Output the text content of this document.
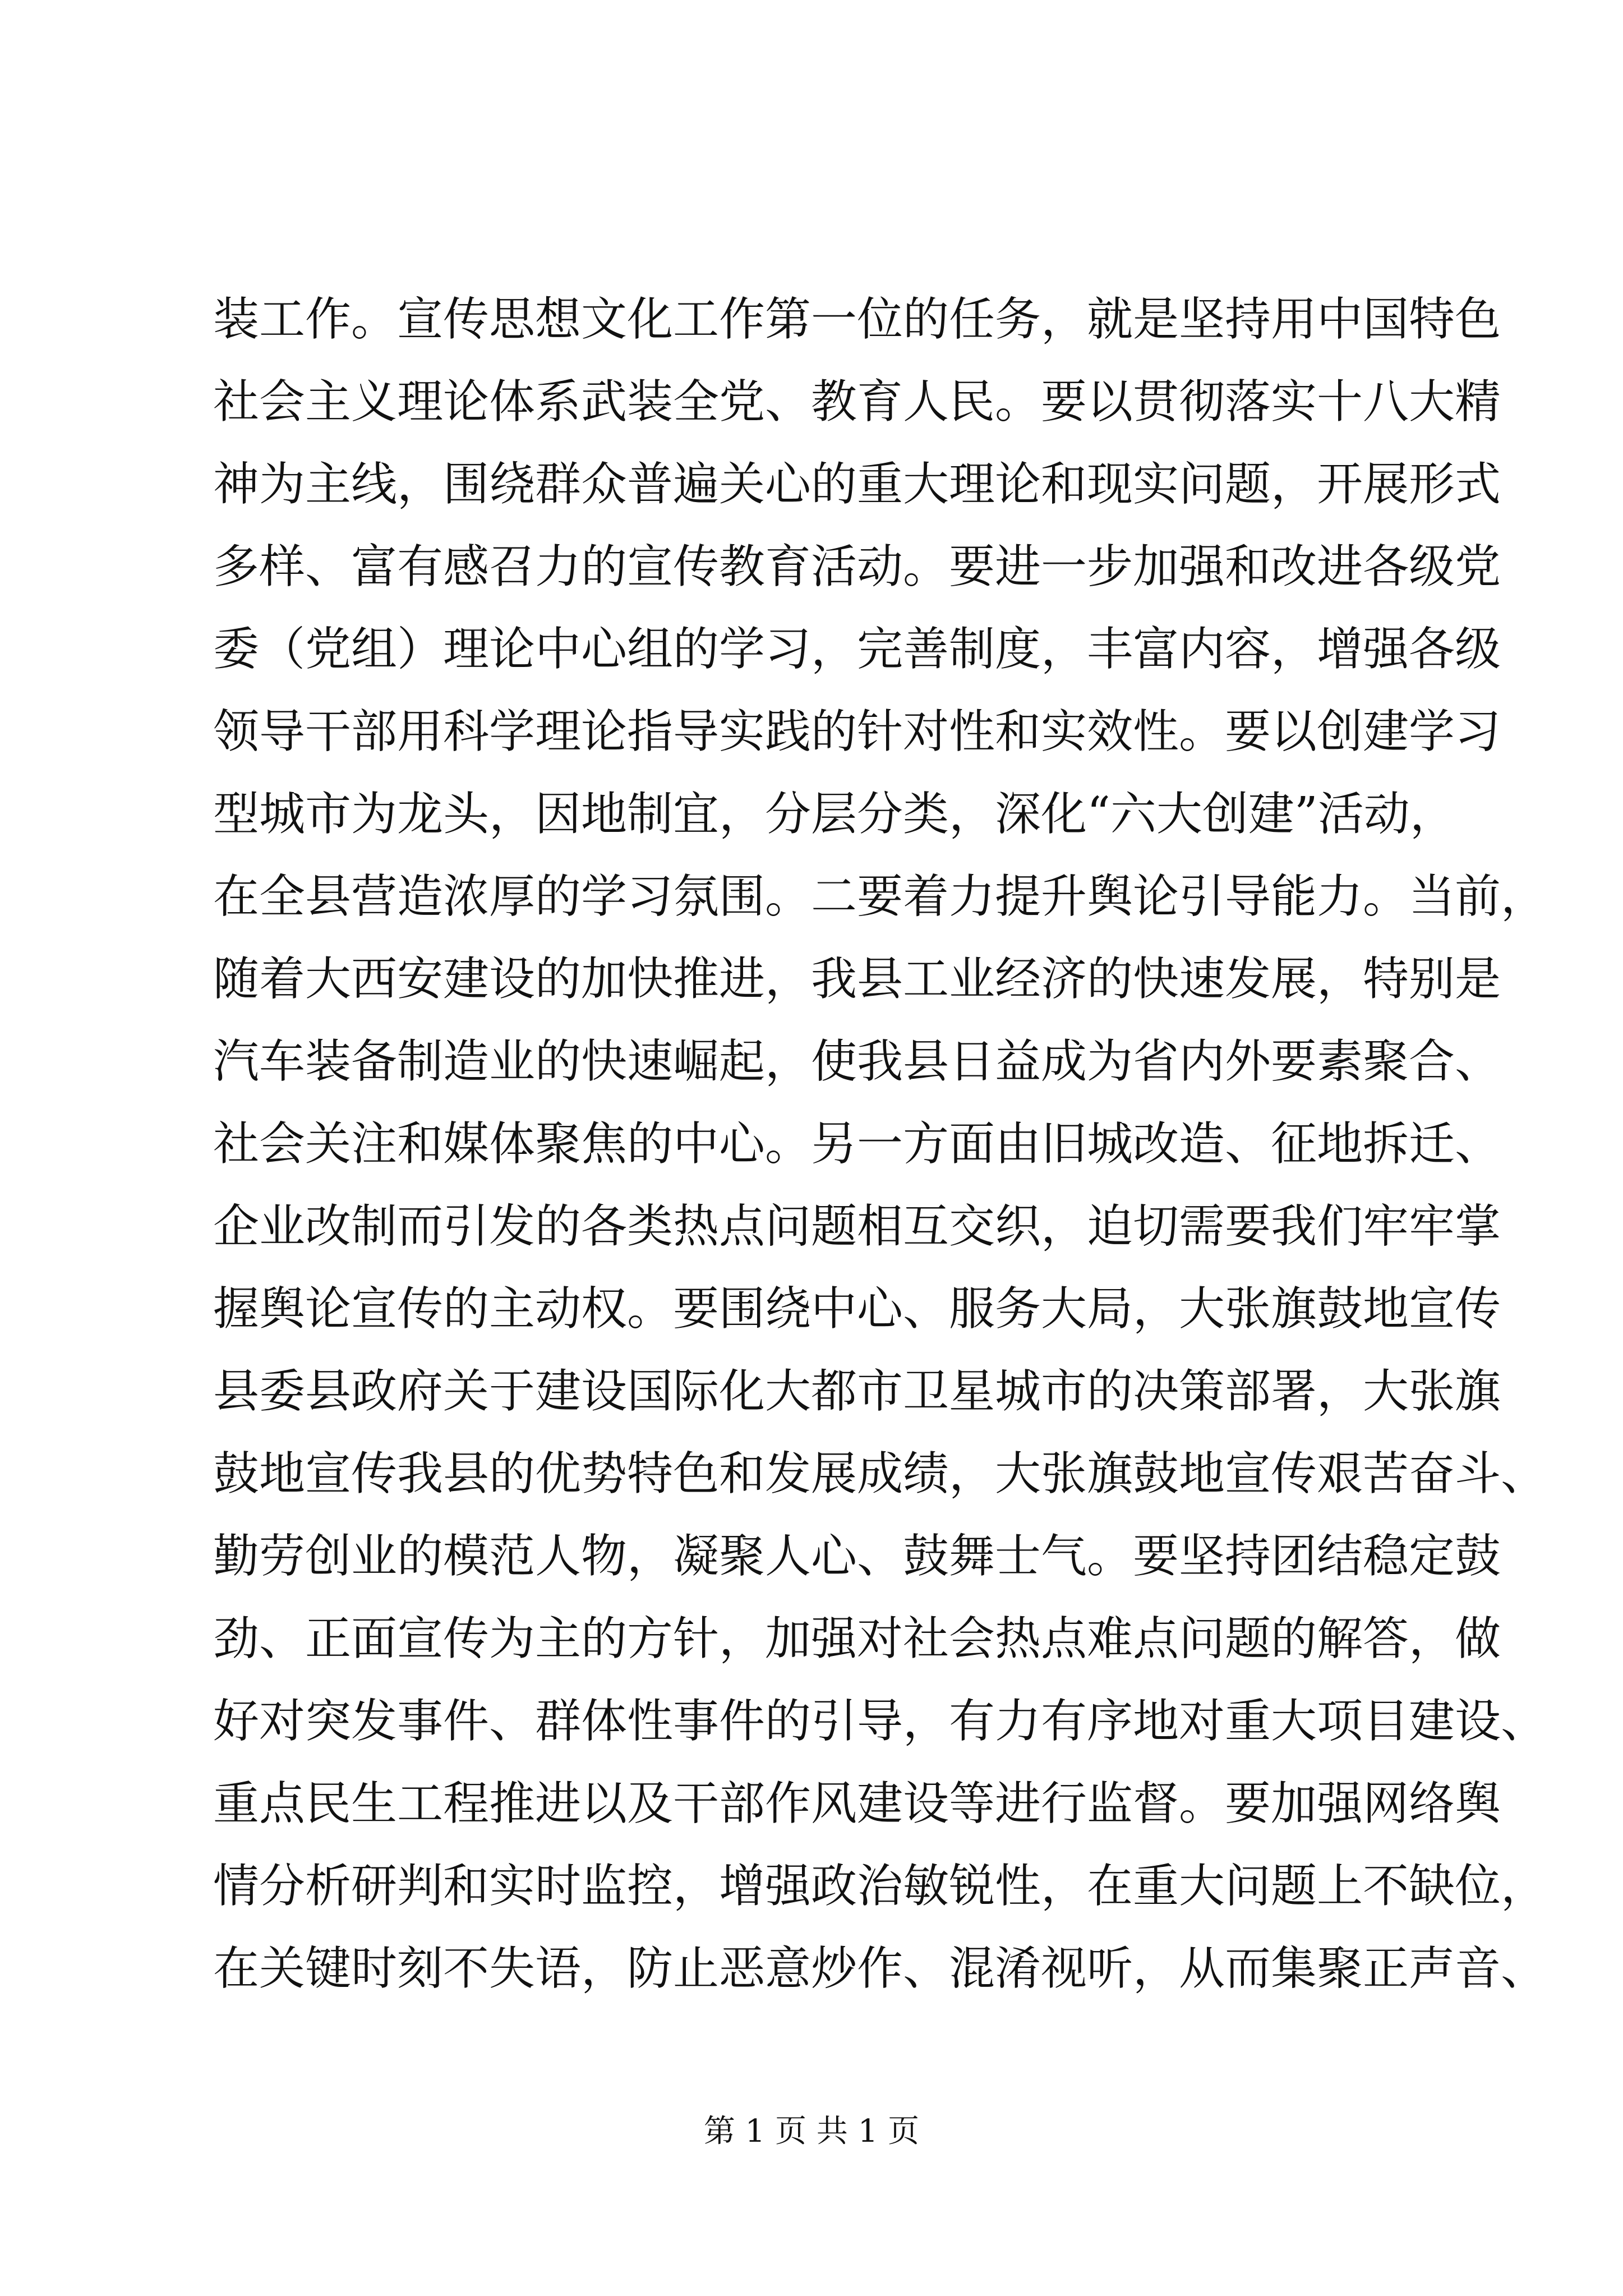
装工作。宣传思想文化工作第一位的任务，就是坚持用中国特色
社会主义理论体系武装全党、教育人民。要以贯彻落实十八大精
神为主线，围绕群众普遍关心的重大理论和现实问题，开展形式
多样、富有感召力的宣传教育活动。要进一步加强和改进各级党
委（党组）理论中心组的学习，完善制度，丰富内容，增强各级
领导干部用科学理论指导实践的针对性和实效性。要以创建学习
型城市为龙头，因地制宜，分层分类，深化“六大创建”活动，
在全县营造浓厚的学习氛围。二要着力提升舆论引导能力。当前，
随着大西安建设的加快推进，我县工业经济的快速发展，特别是
汽车装备制造业的快速崛起，使我县日益成为省内外要素聚合、
社会关注和媒体聚焦的中心。另一方面由旧城改造、征地拆迁、
企业改制而引发的各类热点问题相互交织，迫切需要我们牢牢掌
握舆论宣传的主动权。要围绕中心、服务大局，大张旗鼓地宣传
县委县政府关于建设国际化大都市卫星城市的决策部署，大张旗
鼓地宣传我县的优势特色和发展成绩，大张旗鼓地宣传艰苦奋斗、
勤劳创业的模范人物，凝聚人心、鼓舞士气。要坚持团结稳定鼓
劲、正面宣传为主的方针，加强对社会热点难点问题的解答，做
好对突发事件、群体性事件的引导，有力有序地对重大项目建设、
重点民生工程推进以及干部作风建设等进行监督。要加强网络舆
情分析研判和实时监控，增强政治敏锐性，在重大问题上不缺位，
在关键时刻不失语，防止恶意炒作、混淆视听，从而集聚正声音、
第 1 页 共 1 页
